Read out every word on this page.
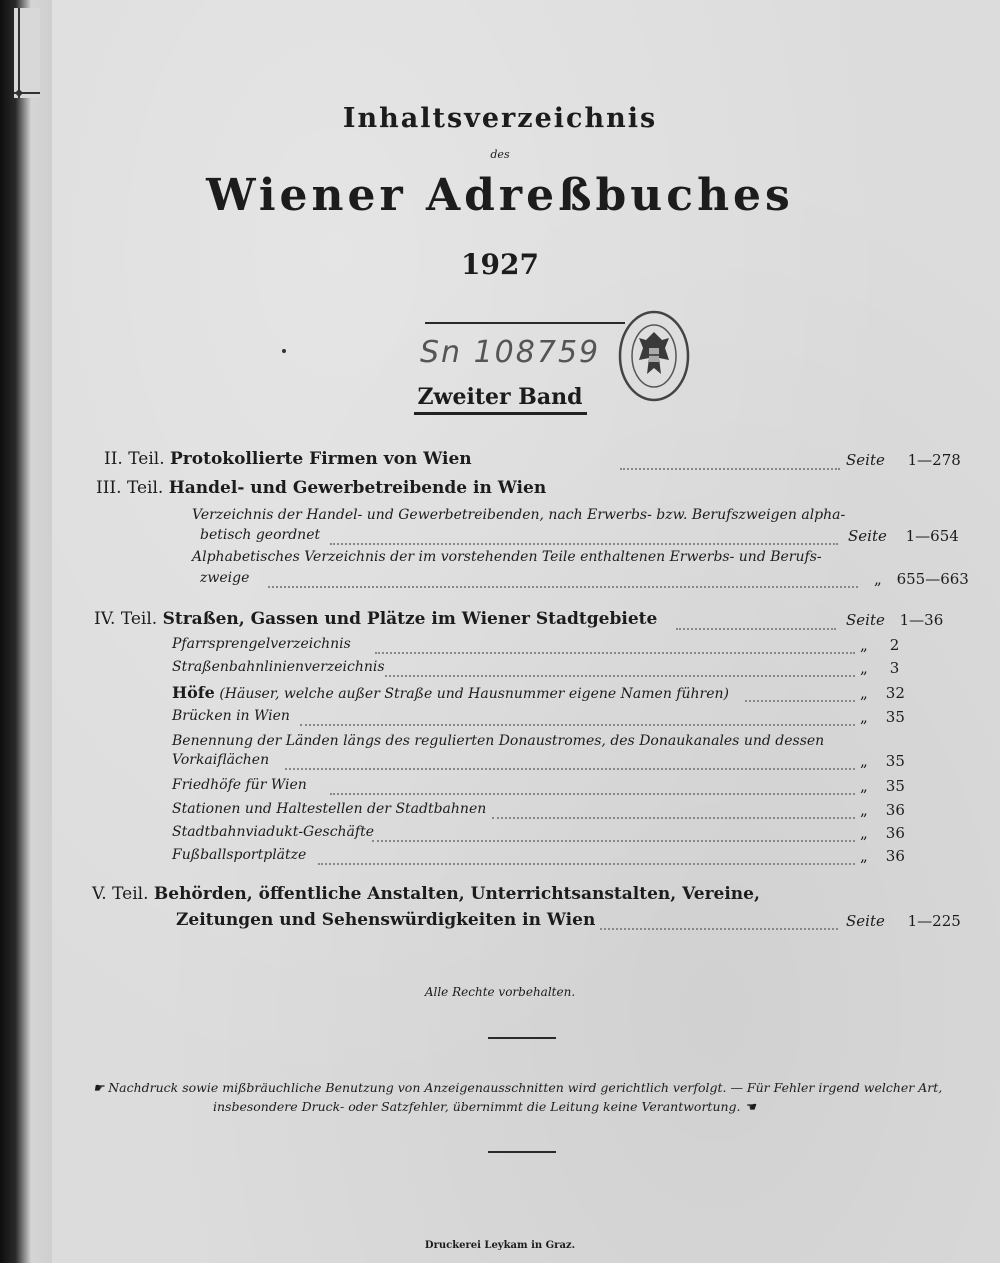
Inhaltsverzeichnis
des
Wiener Adreßbuches
1927
Sn 108759
Zweiter Band
II. Teil. Protokollierte Firmen von Wien	Seite 1—278
III. Teil. Handel- und Gewerbetreibende in Wien
Verzeichnis der Handel- und Gewerbetreibenden, nach Erwerbs- bzw. Berufszweigen alpha-
betisch geordnet	Seite 1—654
Alphabetisches Verzeichnis der im vorstehenden Teile enthaltenen Erwerbs- und Berufs-
zweige	„ 655—663
IV. Teil. Straßen, Gassen und Plätze im Wiener Stadtgebiete	Seite 1—36
Pfarrsprengelverzeichnis	„ 2
Straßenbahnlinienverzeichnis	„ 3
Höfe (Häuser, welche außer Straße und Hausnummer eigene Namen führen)	„ 32
Brücken in Wien	„ 35
Benennung der Länden längs des regulierten Donaustromes, des Donaukanales und dessen
Vorkaiflächen	„ 35
Friedhöfe für Wien	„ 35
Stationen und Haltestellen der Stadtbahnen	„ 36
Stadtbahnviadukt-Geschäfte	„ 36
Fußballsportplätze	„ 36
V. Teil. Behörden, öffentliche Anstalten, Unterrichtsanstalten, Vereine,
Zeitungen und Sehenswürdigkeiten in Wien	Seite 1—225
Alle Rechte vorbehalten.
☛ Nachdruck sowie mißbräuchliche Benutzung von Anzeigenausschnitten wird gerichtlich verfolgt. — Für Fehler irgend welcher Art,
insbesondere Druck- oder Satzfehler, übernimmt die Leitung keine Verantwortung. ☚
Druckerei Leykam in Graz.
